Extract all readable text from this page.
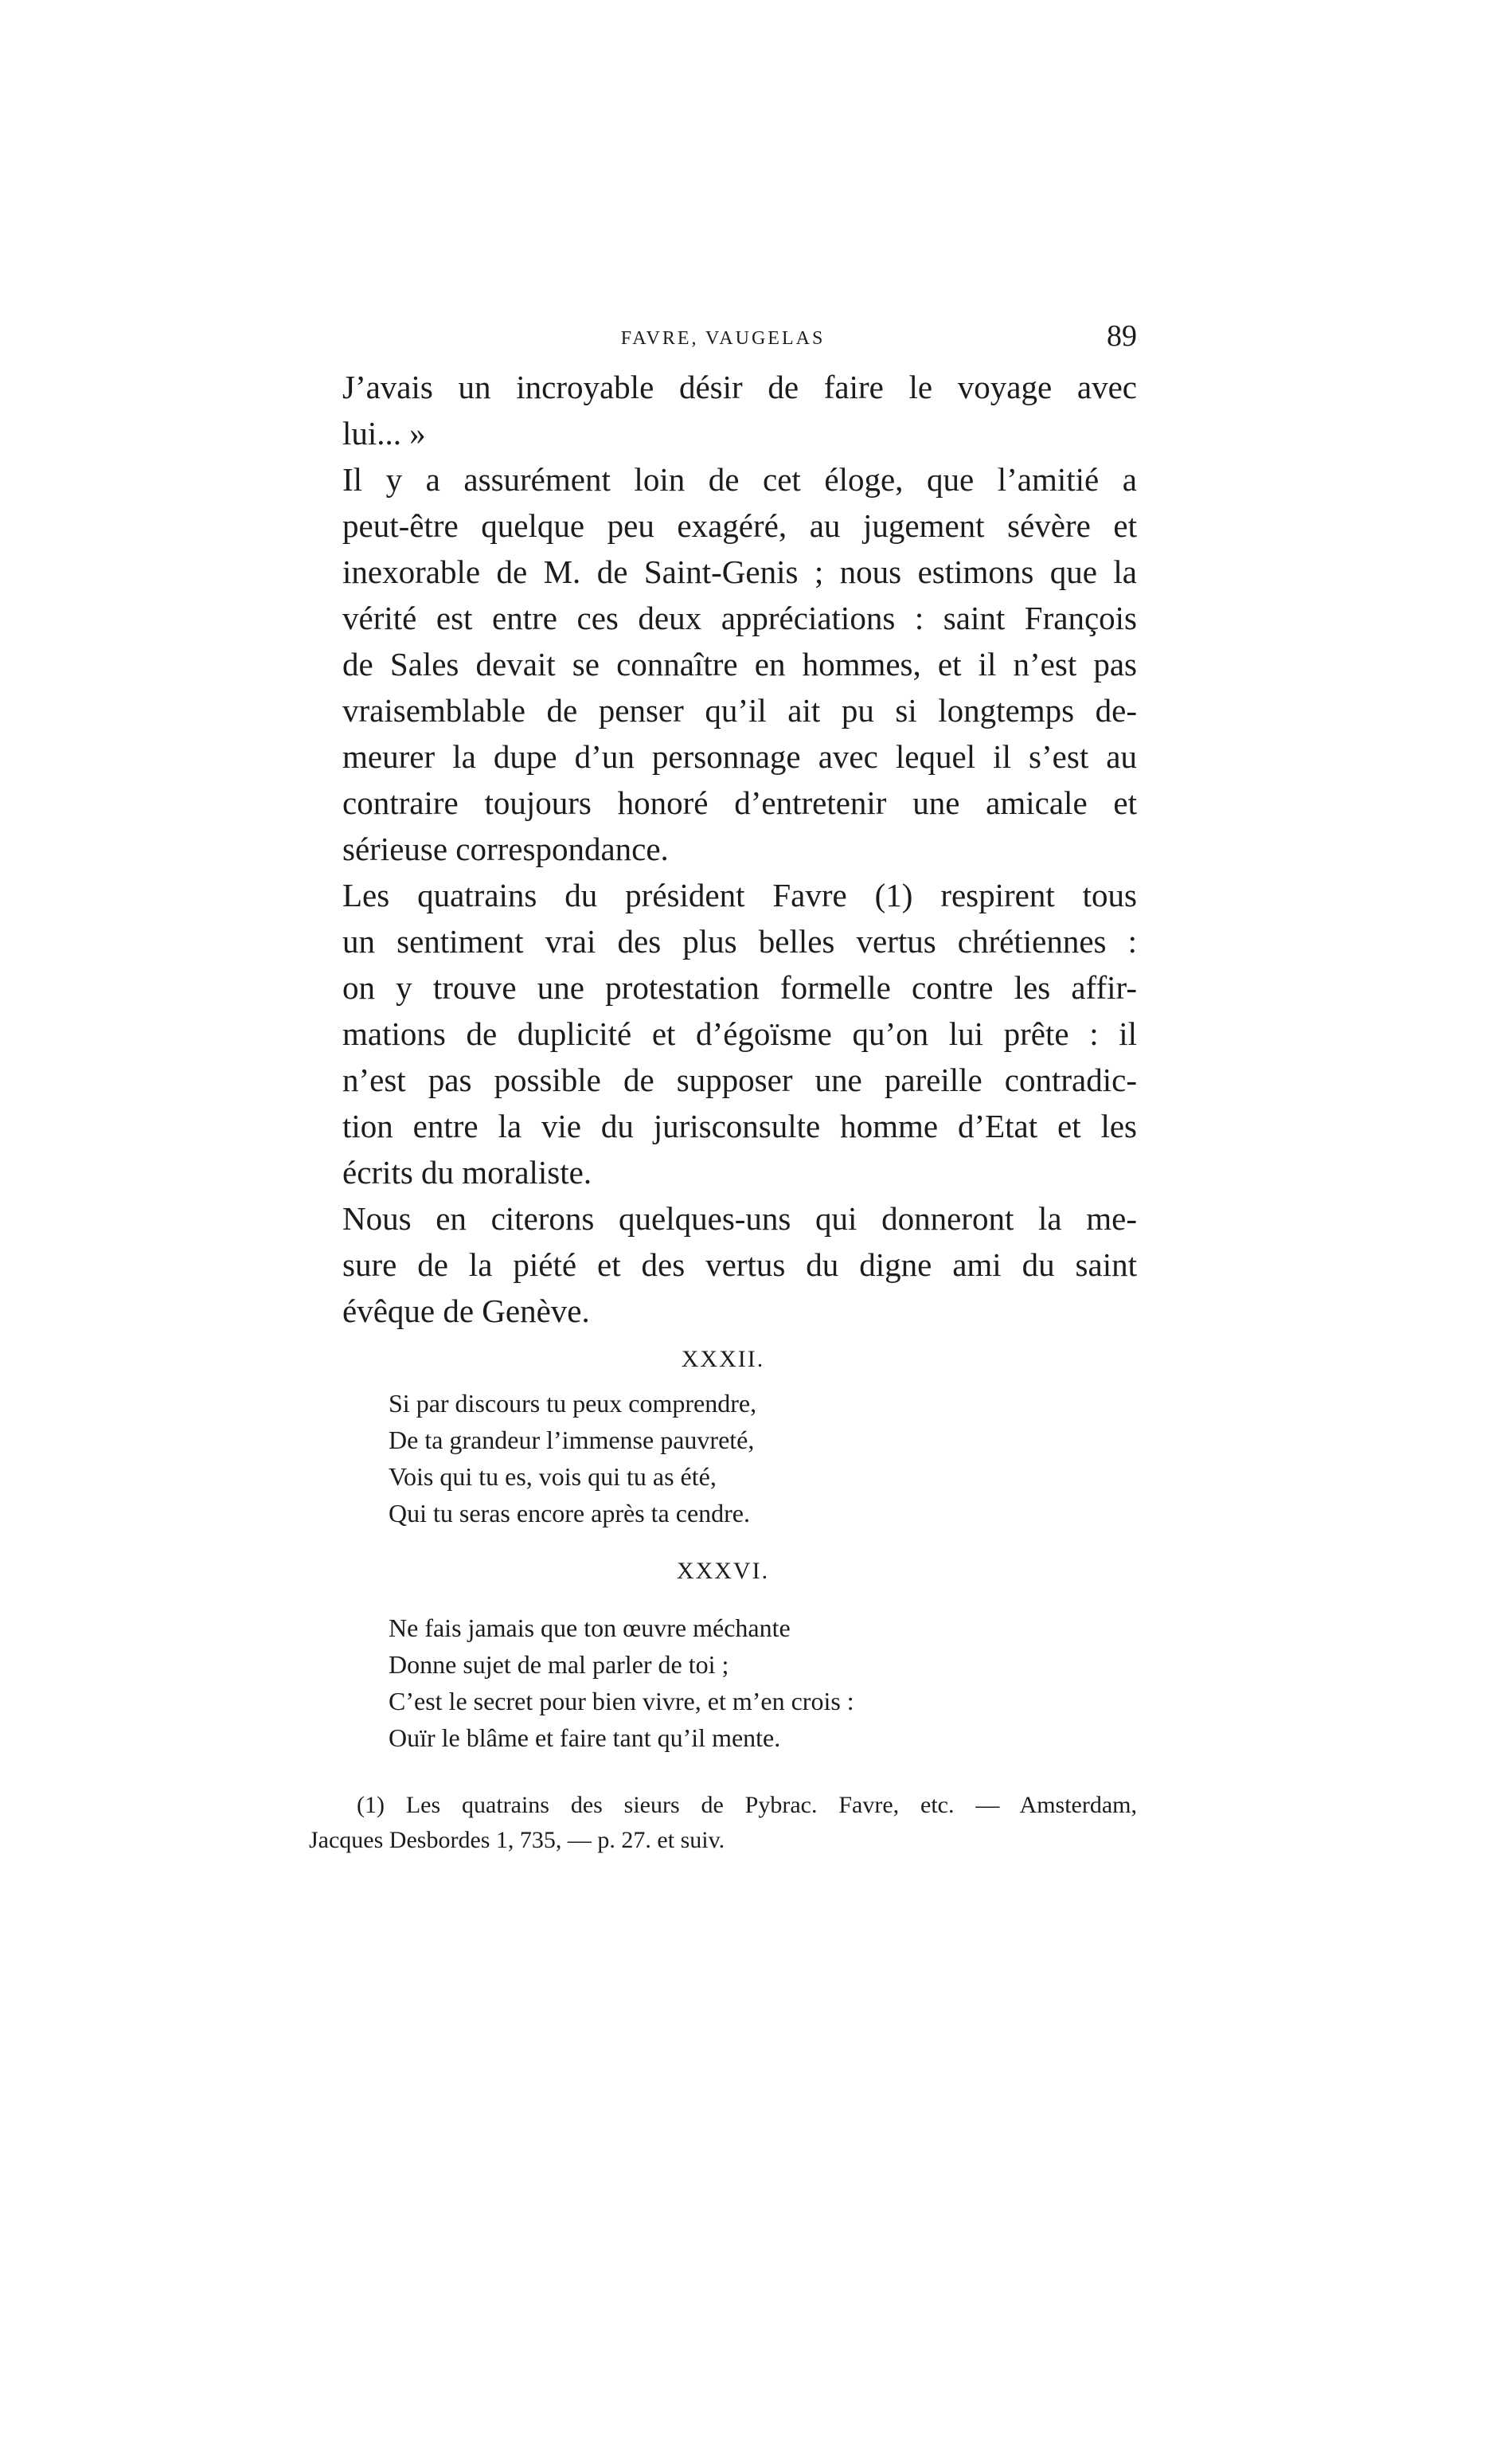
FAVRE, VAUGELAS	89

J’avais un incroyable désir de faire le voyage avec
lui... »

Il y a assurément loin de cet éloge, que l’amitié a
peut-être quelque peu exagéré, au jugement sévère et
inexorable de M. de Saint-Genis ; nous estimons que la
vérité est entre ces deux appréciations : saint François
de Sales devait se connaître en hommes, et il n’est pas
vraisemblable de penser qu’il ait pu si longtemps de-
meurer la dupe d’un personnage avec lequel il s’est au
contraire toujours honoré d’entretenir une amicale et
sérieuse correspondance.

Les quatrains du président Favre (1) respirent tous
un sentiment vrai des plus belles vertus chrétiennes :
on y trouve une protestation formelle contre les affir-
mations de duplicité et d’égoïsme qu’on lui prête : il
n’est pas possible de supposer une pareille contradic-
tion entre la vie du jurisconsulte homme d’Etat et les
écrits du moraliste.

Nous en citerons quelques-uns qui donneront la me-
sure de la piété et des vertus du digne ami du saint
évêque de Genève.

XXXII.

Si par discours tu peux comprendre,
De ta grandeur l’immense pauvreté,
Vois qui tu es, vois qui tu as été,
Qui tu seras encore après ta cendre.

XXXVI.

Ne fais jamais que ton œuvre méchante
Donne sujet de mal parler de toi ;
C’est le secret pour bien vivre, et m’en crois :
Ouïr le blâme et faire tant qu’il mente.

(1) Les quatrains des sieurs de Pybrac. Favre, etc. — Amsterdam,
Jacques Desbordes 1, 735, — p. 27. et suiv.
